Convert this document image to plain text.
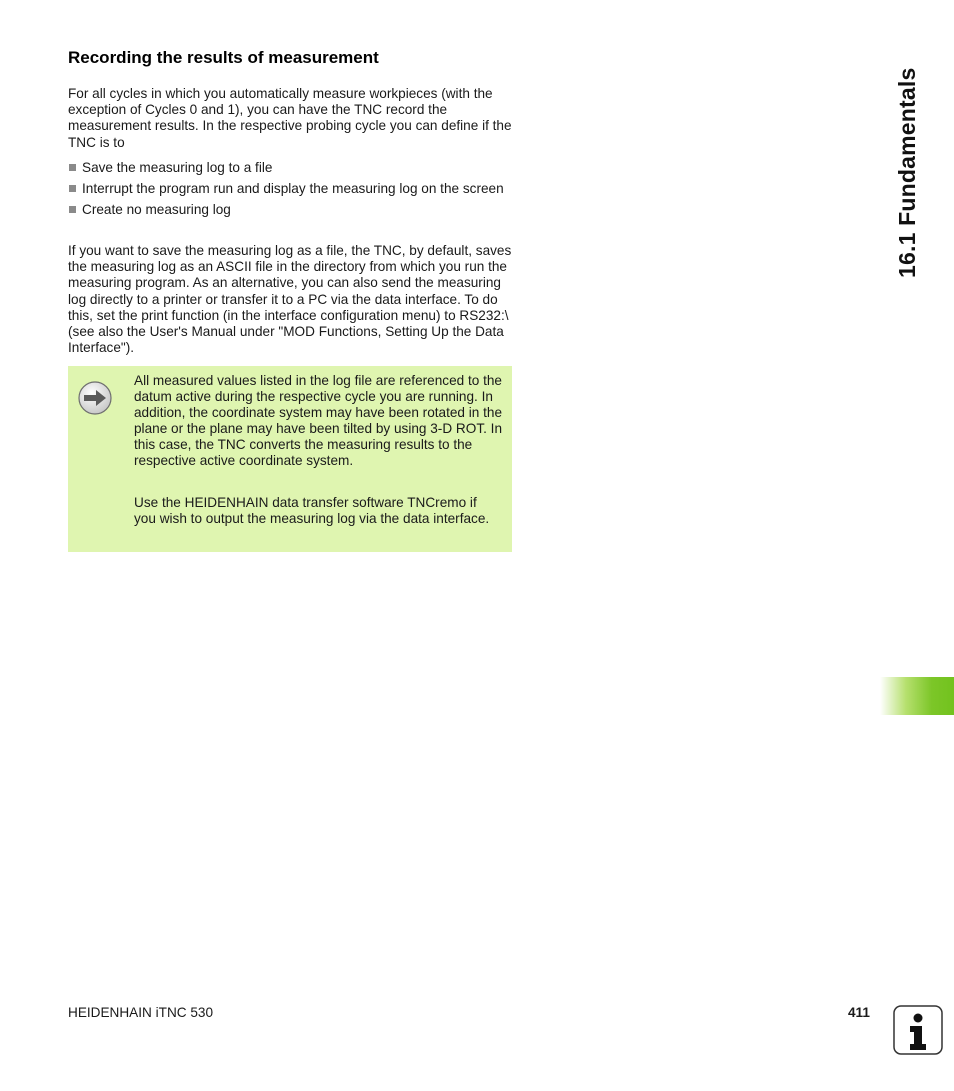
Recording the results of measurement

For all cycles in which you automatically measure workpieces (with the exception of Cycles 0 and 1), you can have the TNC record the measurement results. In the respective probing cycle you can define if the TNC is to

Save the measuring log to a file
Interrupt the program run and display the measuring log on the screen
Create no measuring log

If you want to save the measuring log as a file, the TNC, by default, saves the measuring log as an ASCII file in the directory from which you run the measuring program. As an alternative, you can also send the measuring log directly to a printer or transfer it to a PC via the data interface. To do this, set the print function (in the interface configuration menu) to RS232:\ (see also the User's Manual under "MOD Functions, Setting Up the Data Interface").

All measured values listed in the log file are referenced to the datum active during the respective cycle you are running. In addition, the coordinate system may have been rotated in the plane or the plane may have been tilted by using 3-D ROT. In this case, the TNC converts the measuring results to the respective active coordinate system.

Use the HEIDENHAIN data transfer software TNCremo if you wish to output the measuring log via the data interface.

16.1 Fundamentals
HEIDENHAIN iTNC 530	411
